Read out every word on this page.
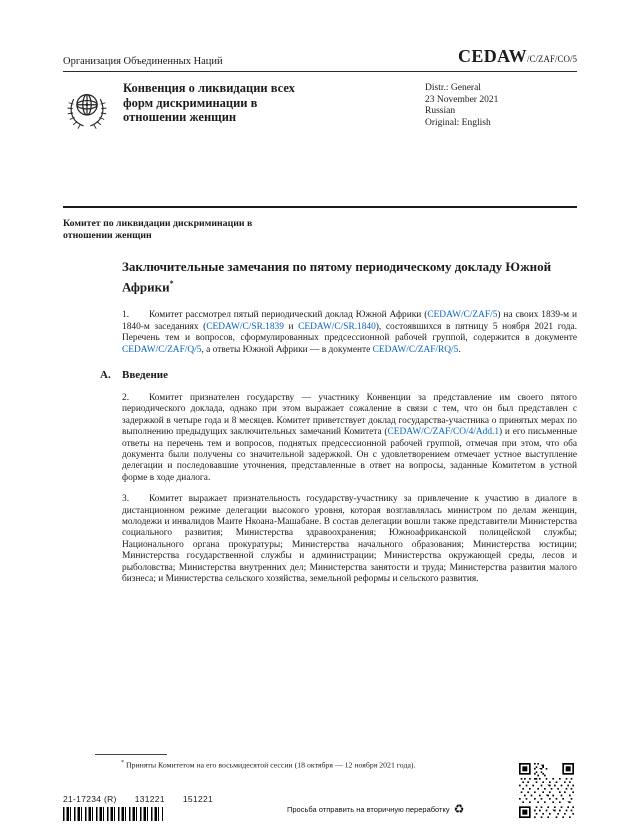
Организация Объединенных Наций	CEDAW/C/ZAF/CO/5
Конвенция о ликвидации всех форм дискриминации в отношении женщин
Distr.: General
23 November 2021
Russian
Original: English
Комитет по ликвидации дискриминации в отношении женщин
Заключительные замечания по пятому периодическому докладу Южной Африки*

1. Комитет рассмотрел пятый периодический доклад Южной Африки (CEDAW/C/ZAF/5) на своих 1839-м и 1840-м заседаниях (CEDAW/C/SR.1839 и CEDAW/C/SR.1840), состоявшихся в пятницу 5 ноября 2021 года. Перечень тем и вопросов, сформулированных предсессионной рабочей группой, содержится в документе CEDAW/C/ZAF/Q/5, а ответы Южной Африки — в документе CEDAW/C/ZAF/RQ/5.

A. Введение

2. Комитет признателен государству — участнику Конвенции за представление им своего пятого периодического доклада, однако при этом выражает сожаление в связи с тем, что он был представлен с задержкой в четыре года и 8 месяцев. Комитет приветствует доклад государства-участника о принятых мерах по выполнению предыдущих заключительных замечаний Комитета (CEDAW/C/ZAF/CO/4/Add.1) и его письменные ответы на перечень тем и вопросов, поднятых предсессионной рабочей группой, отмечая при этом, что оба документа были получены со значительной задержкой. Он с удовлетворением отмечает устное выступление делегации и последовавшие уточнения, представленные в ответ на вопросы, заданные Комитетом в устной форме в ходе диалога.

3. Комитет выражает признательность государству-участнику за привлечение к участию в диалоге в дистанционном режиме делегации высокого уровня, которая возглавлялась министром по делам женщин, молодежи и инвалидов Маите Нкоана-Машабане. В состав делегации вошли также представители Министерства социального развития; Министерства здравоохранения; Южноафриканской полицейской службы; Национального органа прокуратуры; Министерства начального образования; Министерства юстиции; Министерства государственной службы и администрации; Министерства окружающей среды, лесов и рыболовства; Министерства внутренних дел; Министерства занятости и труда; Министерства развития малого бизнеса; и Министерства сельского хозяйства, земельной реформы и сельского развития.

* Приняты Комитетом на его восьмидесятой сессии (18 октября — 12 ноября 2021 года).
21-17234 (R) 131221 151221
Просьба отправить на вторичную переработку ♻
